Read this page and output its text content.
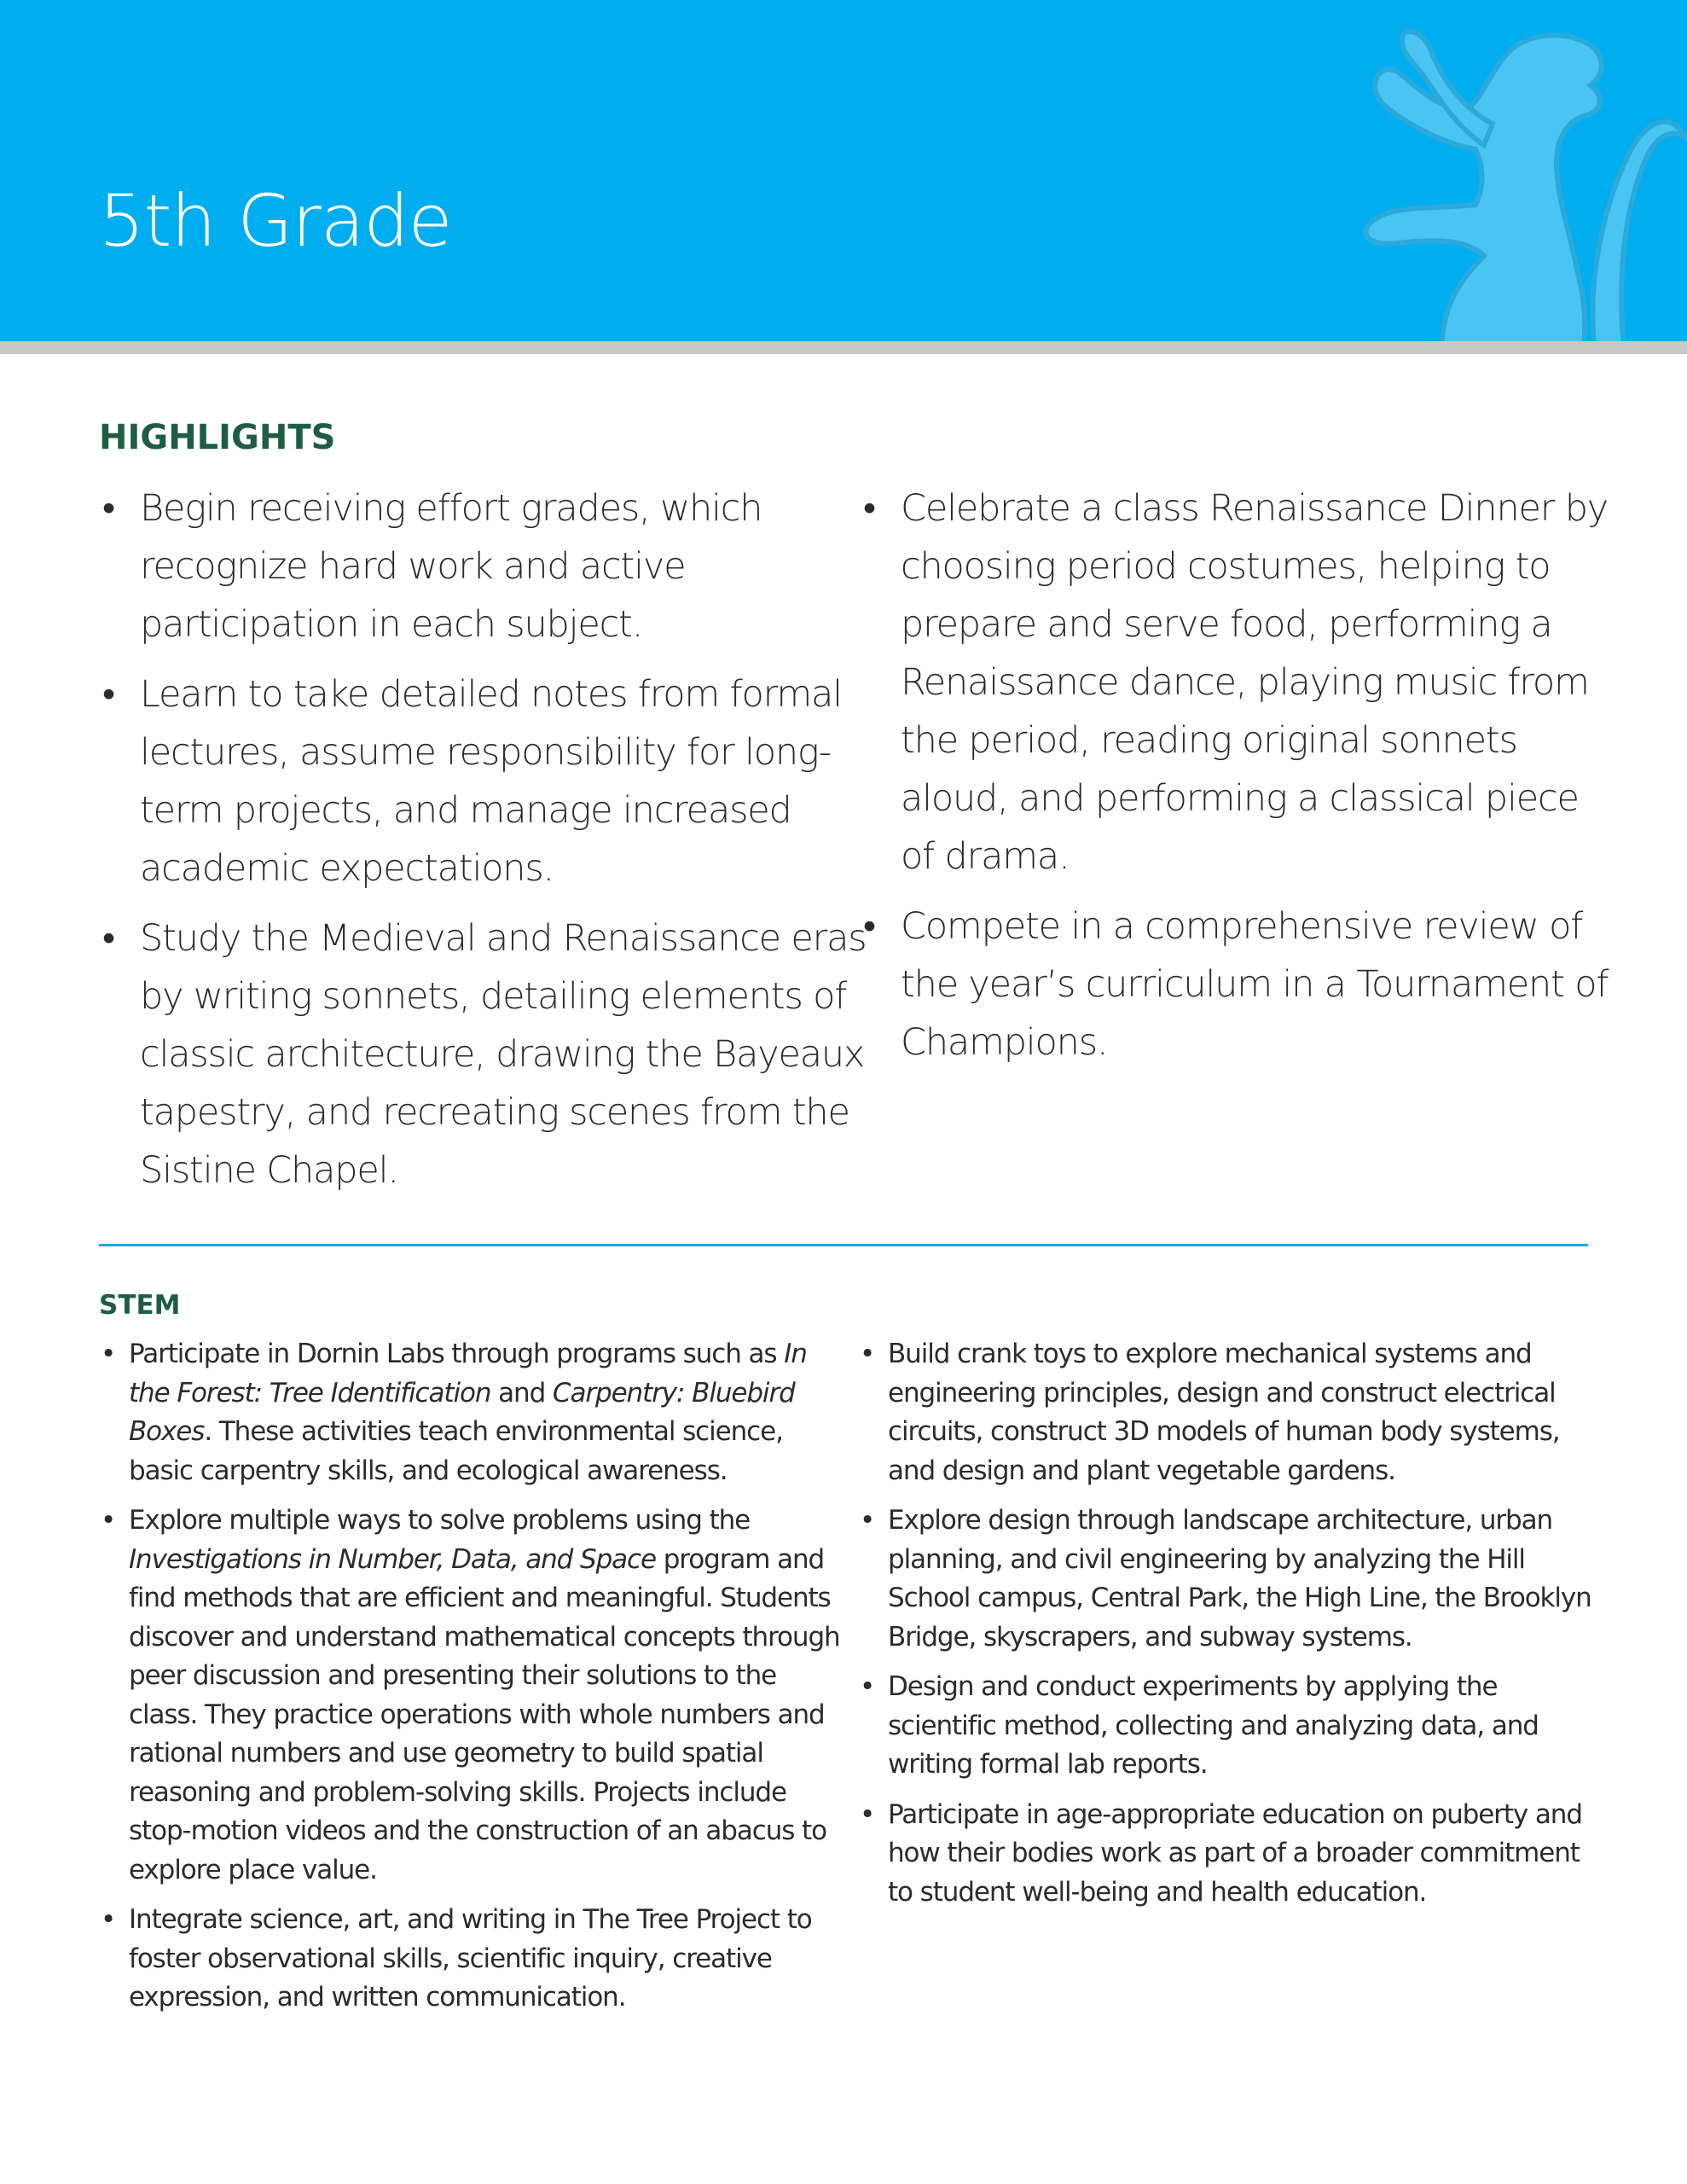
5th Grade
HIGHLIGHTS
• Begin receiving effort grades, which recognize hard work and active participation in each subject.
• Learn to take detailed notes from formal lectures, assume responsibility for long-term projects, and manage increased academic expectations.
• Study the Medieval and Renaissance eras by writing sonnets, detailing elements of classic architecture, drawing the Bayeaux tapestry, and recreating scenes from the Sistine Chapel.
• Celebrate a class Renaissance Dinner by choosing period costumes, helping to prepare and serve food, performing a Renaissance dance, playing music from the period, reading original sonnets aloud, and performing a classical piece of drama.
• Compete in a comprehensive review of the year’s curriculum in a Tournament of Champions.
STEM
• Participate in Dornin Labs through programs such as In the Forest: Tree Identification and Carpentry: Bluebird Boxes. These activities teach environmental science, basic carpentry skills, and ecological awareness.
• Explore multiple ways to solve problems using the Investigations in Number, Data, and Space program and find methods that are efficient and meaningful. Students discover and understand mathematical concepts through peer discussion and presenting their solutions to the class. They practice operations with whole numbers and rational numbers and use geometry to build spatial reasoning and problem-solving skills. Projects include stop-motion videos and the construction of an abacus to explore place value.
• Integrate science, art, and writing in The Tree Project to foster observational skills, scientific inquiry, creative expression, and written communication.
• Build crank toys to explore mechanical systems and engineering principles, design and construct electrical circuits, construct 3D models of human body systems, and design and plant vegetable gardens.
• Explore design through landscape architecture, urban planning, and civil engineering by analyzing the Hill School campus, Central Park, the High Line, the Brooklyn Bridge, skyscrapers, and subway systems.
• Design and conduct experiments by applying the scientific method, collecting and analyzing data, and writing formal lab reports.
• Participate in age-appropriate education on puberty and how their bodies work as part of a broader commitment to student well-being and health education.
